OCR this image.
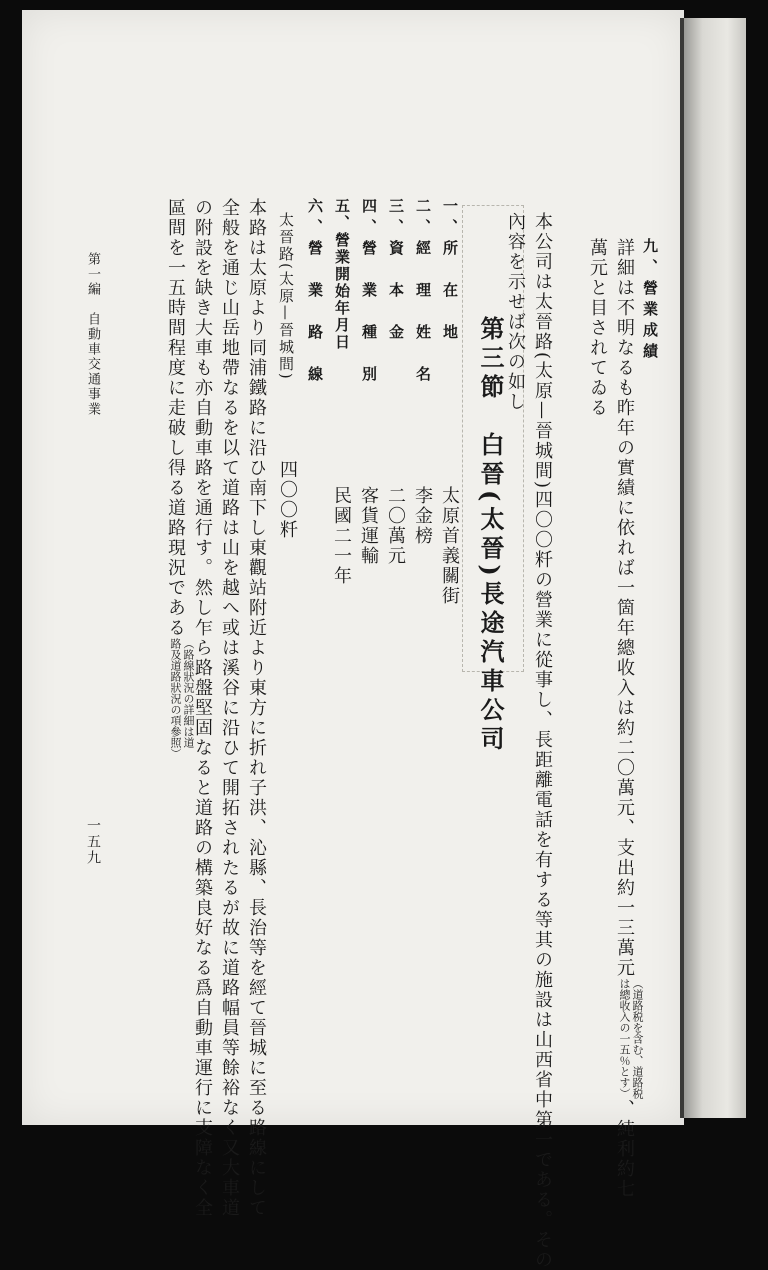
九、營業成績
詳細は不明なるも昨年の實績に依れば一箇年總收入は約二〇萬元、支出約一三萬元（道路税を含む、道路税
は總收入の一五％とす）、純利約七
萬元と目されてゐる
第三節　白晉(太晉)長途汽車公司 本公司は太晉路(太原—晉城間)四〇〇粁の營業に從事し、長距離電話を有する等其の施設は山西省中第一である。その
內容を示せば次の如し
一、所　在　地
太原首義關街
二、經　理　姓　名
李金榜
三、資　本　金
二〇萬元
四、營　業　種　別
客貨運輸
五、營業開始年月日
民國二一年
六、營　業　路　線
太晉路(太原—晉城間)
四〇〇粁
本路は太原より同浦鐵路に沿ひ南下し東觀站附近より東方に折れ子洪、沁縣、長治等を經て晉城に至る路線にして
全般を通じ山岳地帶なるを以て道路は山を越へ或は溪谷に沿ひて開拓されたるが故に道路幅員等餘裕なく又大車道
の附設を缺き大車も亦自動車路を通行す。然し乍ら路盤堅固なると道路の構築良好なる爲自動車運行に支障なく全
區間を一五時間程度に走破し得る道路現況である（路線狀況の詳細は道
路及道路狀況の項參照）
第一編　自動車交通事業
一五九
